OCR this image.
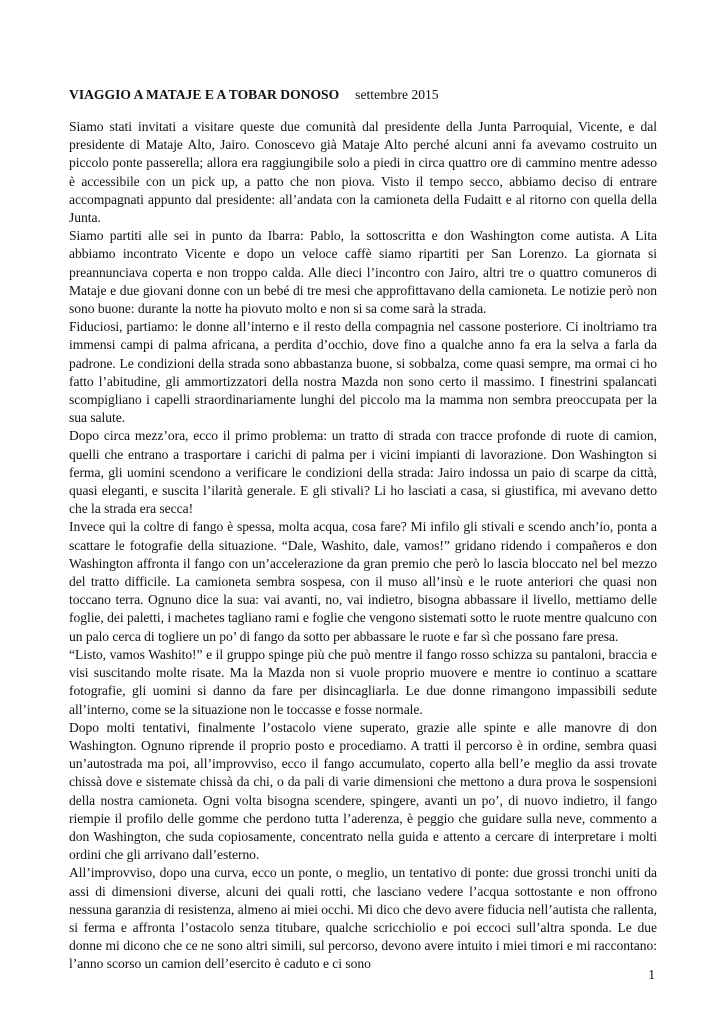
VIAGGIO A MATAJE E A TOBAR DONOSO settembre 2015

Siamo stati invitati a visitare queste due comunità dal presidente della Junta Parroquial, Vicente, e dal presidente di Mataje Alto, Jairo. Conoscevo già Mataje Alto perché alcuni anni fa avevamo costruito un piccolo ponte passerella; allora era raggiungibile solo a piedi in circa quattro ore di cammino mentre adesso è accessibile con un pick up, a patto che non piova. Visto il tempo secco, abbiamo deciso di entrare accompagnati appunto dal presidente: all’andata con la camioneta della Fudaitt e al ritorno con quella della Junta.

Siamo partiti alle sei in punto da Ibarra: Pablo, la sottoscritta e don Washington come autista. A Lita abbiamo incontrato Vicente e dopo un veloce caffè siamo ripartiti per San Lorenzo. La giornata si preannunciava coperta e non troppo calda. Alle dieci l’incontro con Jairo, altri tre o quattro comuneros di Mataje e due giovani donne con un bebé di tre mesi che approfittavano della camioneta. Le notizie però non sono buone: durante la notte ha piovuto molto e non si sa come sarà la strada.

Fiduciosi, partiamo: le donne all’interno e il resto della compagnia nel cassone posteriore. Ci inoltriamo tra immensi campi di palma africana, a perdita d’occhio, dove fino a qualche anno fa era la selva a farla da padrone. Le condizioni della strada sono abbastanza buone, si sobbalza, come quasi sempre, ma ormai ci ho fatto l’abitudine, gli ammortizzatori della nostra Mazda non sono certo il massimo. I finestrini spalancati scompigliano i capelli straordinariamente lunghi del piccolo ma la mamma non sembra preoccupata per la sua salute.

Dopo circa mezz’ora, ecco il primo problema: un tratto di strada con tracce profonde di ruote di camion, quelli che entrano a trasportare i carichi di palma per i vicini impianti di lavorazione. Don Washington si ferma, gli uomini scendono a verificare le condizioni della strada: Jairo indossa un paio di scarpe da città, quasi eleganti, e suscita l’ilarità generale. E gli stivali? Li ho lasciati a casa, si giustifica, mi avevano detto che la strada era secca!

Invece qui la coltre di fango è spessa, molta acqua, cosa fare? Mi infilo gli stivali e scendo anch’io, ponta a scattare le fotografie della situazione. “Dale, Washito, dale, vamos!” gridano ridendo i compañeros e don Washington affronta il fango con un’accelerazione da gran premio che però lo lascia bloccato nel bel mezzo del tratto difficile. La camioneta sembra sospesa, con il muso all’insù e le ruote anteriori che quasi non toccano terra. Ognuno dice la sua: vai avanti, no, vai indietro, bisogna abbassare il livello, mettiamo delle foglie, dei paletti, i machetes tagliano rami e foglie che vengono sistemati sotto le ruote mentre qualcuno con un palo cerca di togliere un po’ di fango da sotto per abbassare le ruote e far sì che possano fare presa.

“Listo, vamos Washito!” e il gruppo spinge più che può mentre il fango rosso schizza su pantaloni, braccia e visi suscitando molte risate. Ma la Mazda non si vuole proprio muovere e mentre io continuo a scattare fotografie, gli uomini si danno da fare per disincagliarla. Le due donne rimangono impassibili sedute all’interno, come se la situazione non le toccasse e fosse normale.

Dopo molti tentativi, finalmente l’ostacolo viene superato, grazie alle spinte e alle manovre di don Washington. Ognuno riprende il proprio posto e procediamo. A tratti il percorso è in ordine, sembra quasi un’autostrada ma poi, all’improvviso, ecco il fango accumulato, coperto alla bell’e meglio da assi trovate chissà dove e sistemate chissà da chi, o da pali di varie dimensioni che mettono a dura prova le sospensioni della nostra camioneta. Ogni volta bisogna scendere, spingere, avanti un po’, di nuovo indietro, il fango riempie il profilo delle gomme che perdono tutta l’aderenza, è peggio che guidare sulla neve, commento a don Washington, che suda copiosamente, concentrato nella guida e attento a cercare di interpretare i molti ordini che gli arrivano dall’esterno.

All’improvviso, dopo una curva, ecco un ponte, o meglio, un tentativo di ponte: due grossi tronchi uniti da assi di dimensioni diverse, alcuni dei quali rotti, che lasciano vedere l’acqua sottostante e non offrono nessuna garanzia di resistenza, almeno ai miei occhi. Mi dico che devo avere fiducia nell’autista che rallenta, si ferma e affronta l’ostacolo senza titubare, qualche scricchiolio e poi eccoci sull’altra sponda. Le due donne mi dicono che ce ne sono altri simili, sul percorso, devono avere intuito i miei timori e mi raccontano: l’anno scorso un camion dell’esercito è caduto e ci sono

1
